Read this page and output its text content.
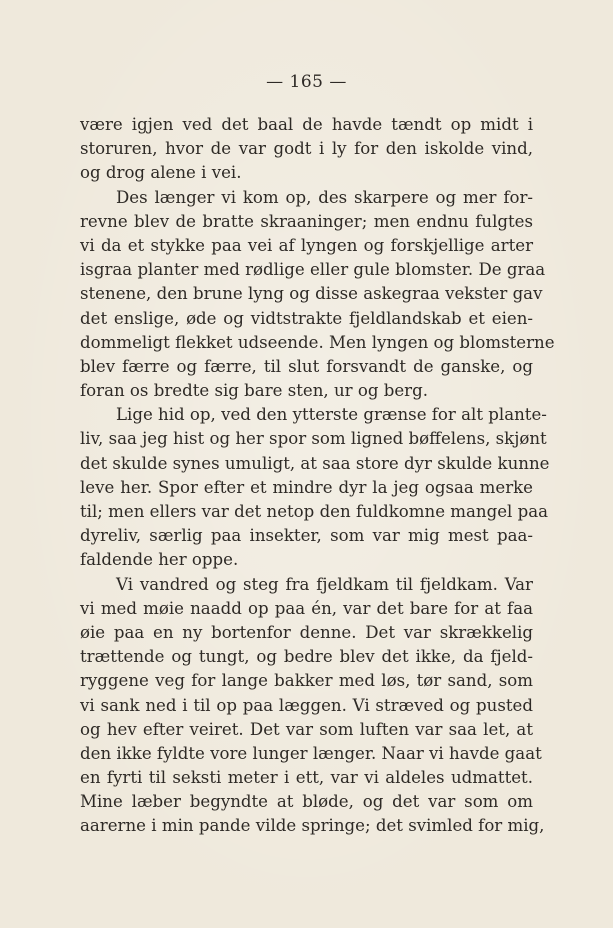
— 165 —
være igjen ved det baal de havde tændt op midt i
storuren, hvor de var godt i ly for den iskolde vind,
og drog alene i vei.
Des længer vi kom op, des skarpere og mer for-
revne blev de bratte skraaninger; men endnu fulgtes
vi da et stykke paa vei af lyngen og forskjellige arter
isgraa planter med rødlige eller gule blomster. De graa
stenene, den brune lyng og disse askegraa vekster gav
det enslige, øde og vidtstrakte fjeldlandskab et eien-
dommeligt flekket udseende. Men lyngen og blomsterne
blev færre og færre, til slut forsvandt de ganske, og
foran os bredte sig bare sten, ur og berg.
Lige hid op, ved den ytterste grænse for alt plante-
liv, saa jeg hist og her spor som ligned bøffelens, skjønt
det skulde synes umuligt, at saa store dyr skulde kunne
leve her. Spor efter et mindre dyr la jeg ogsaa merke
til; men ellers var det netop den fuldkomne mangel paa
dyreliv, særlig paa insekter, som var mig mest paa-
faldende her oppe.
Vi vandred og steg fra fjeldkam til fjeldkam. Var
vi med møie naadd op paa én, var det bare for at faa
øie paa en ny bortenfor denne. Det var skrækkelig
trættende og tungt, og bedre blev det ikke, da fjeld-
ryggene veg for lange bakker med løs, tør sand, som
vi sank ned i til op paa læggen. Vi stræved og pusted
og hev efter veiret. Det var som luften var saa let, at
den ikke fyldte vore lunger længer. Naar vi havde gaat
en fyrti til seksti meter i ett, var vi aldeles udmattet.
Mine læber begyndte at bløde, og det var som om
aarerne i min pande vilde springe; det svimled for mig,
